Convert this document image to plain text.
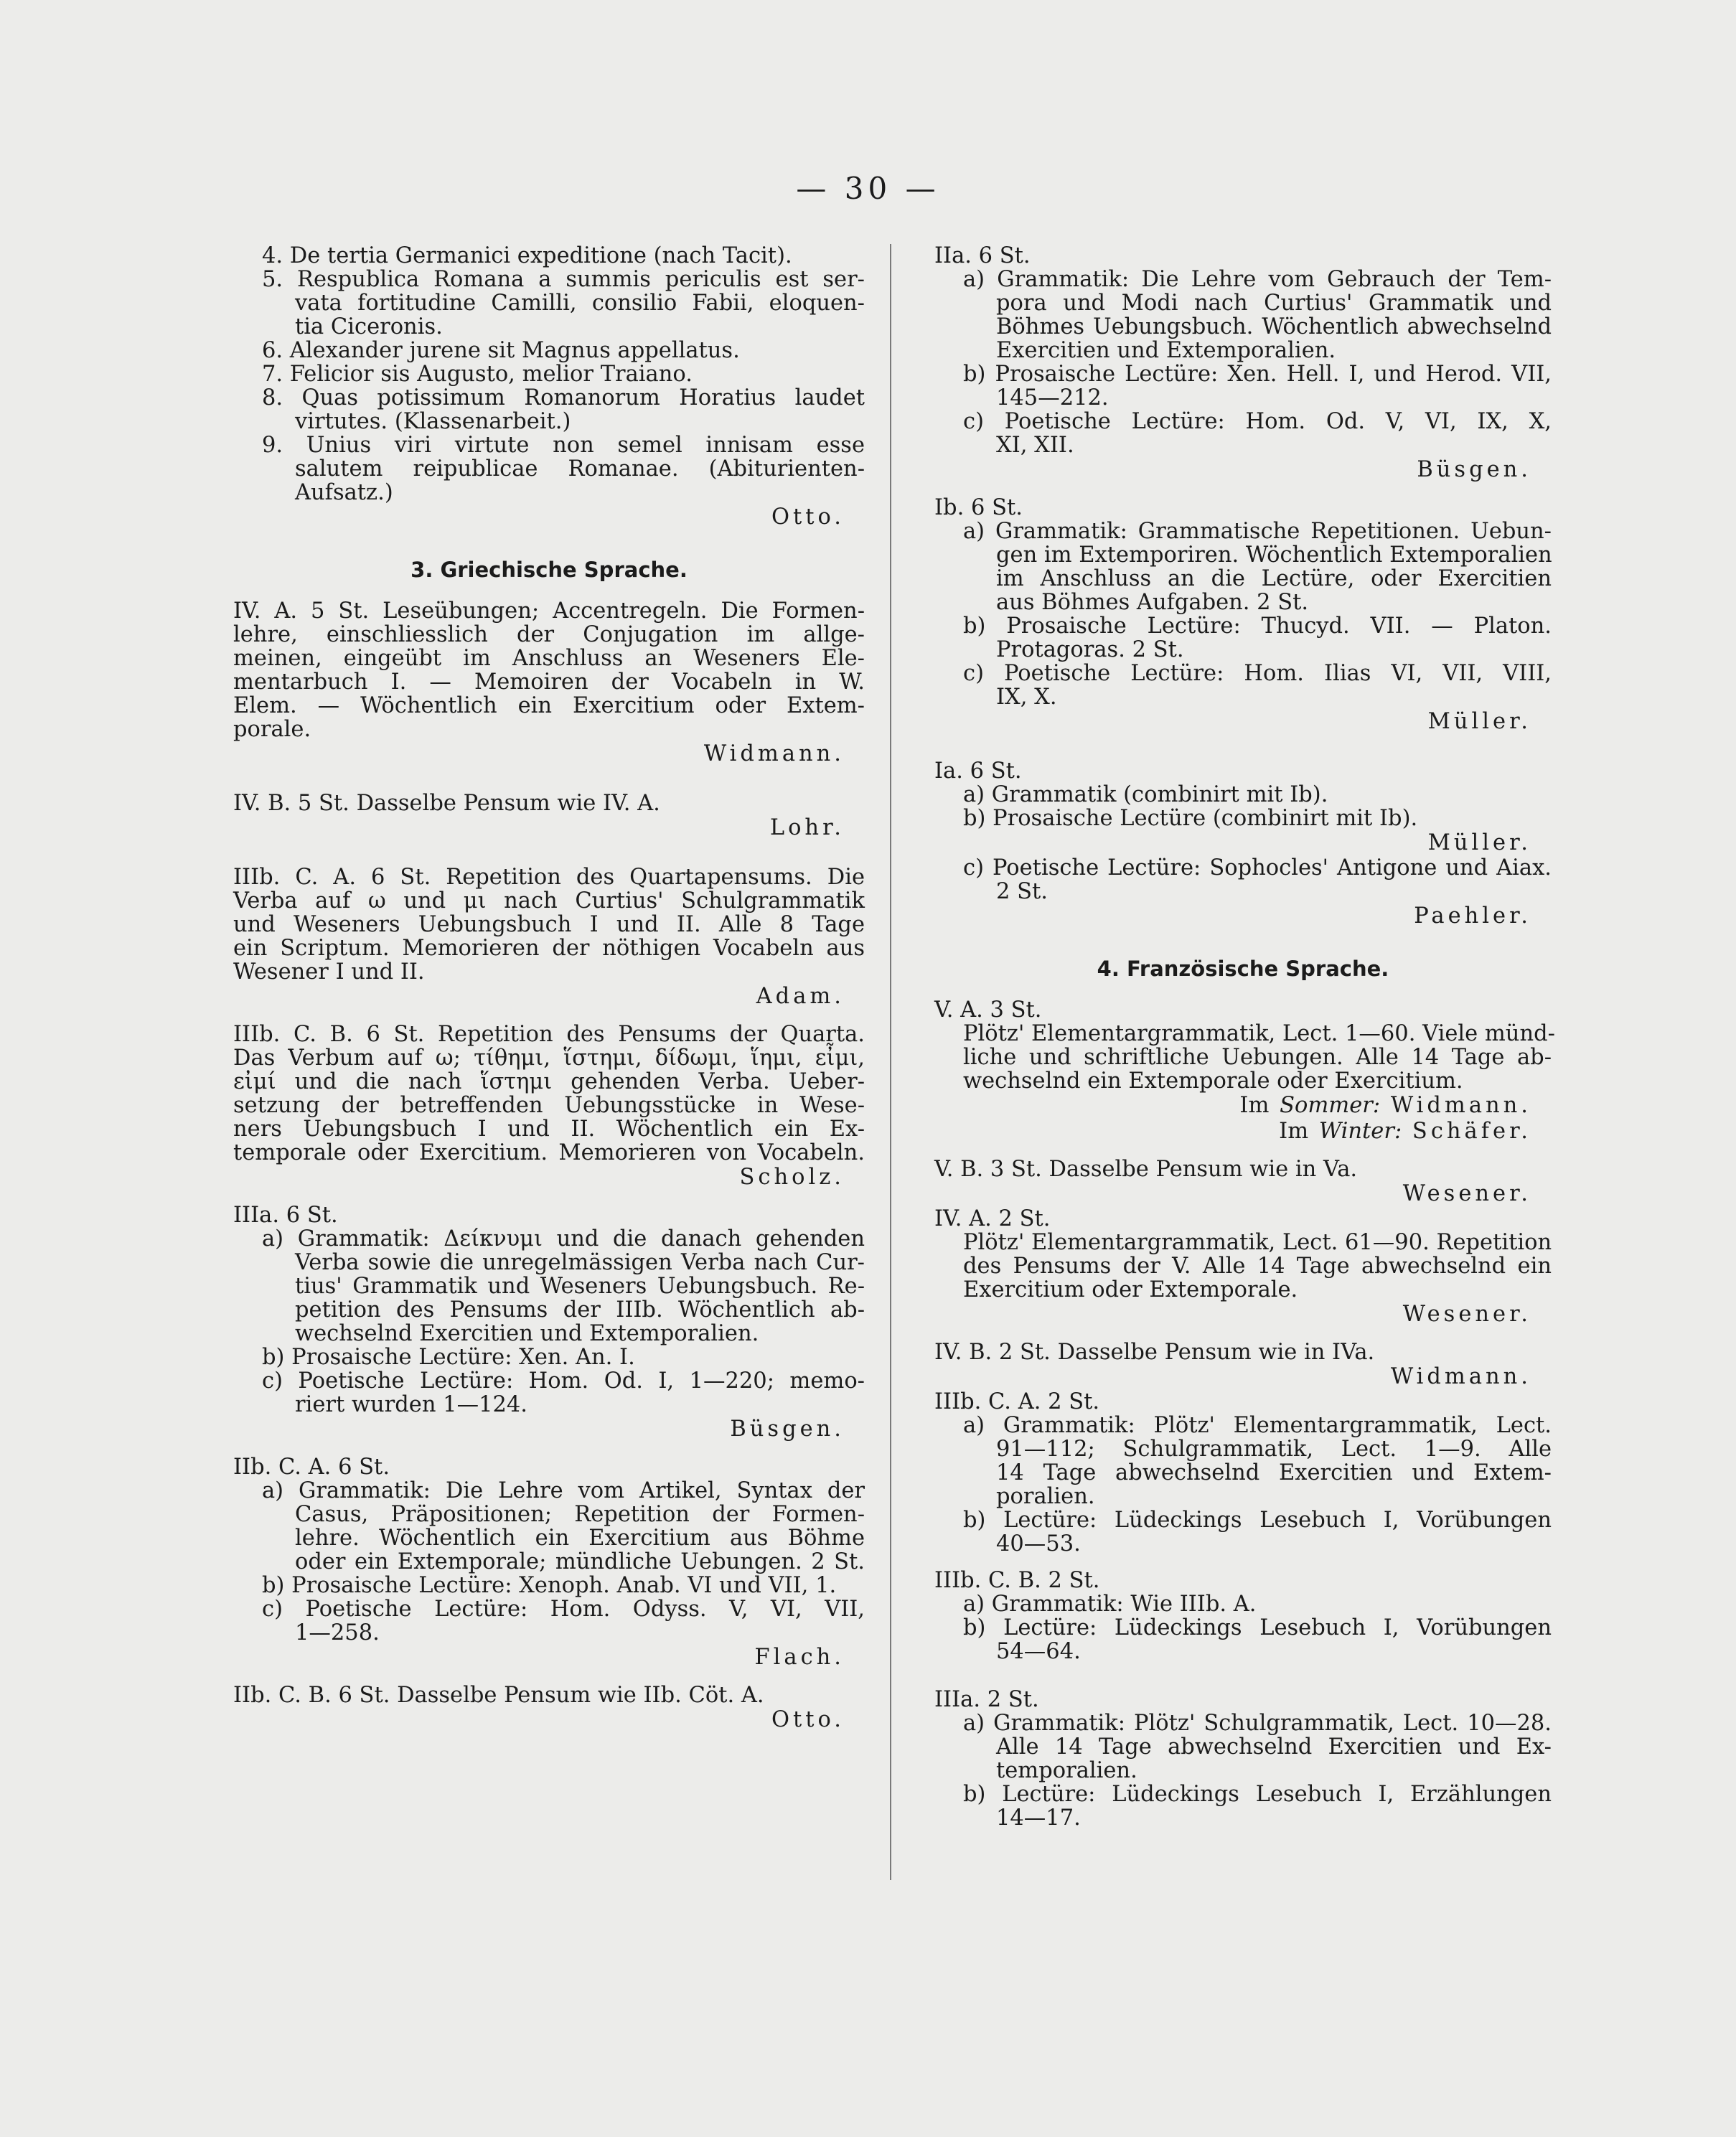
— 30 —
4. De tertia Germanici expeditione (nach Tacit).
5. Respublica Romana a summis periculis est ser-
vata fortitudine Camilli, consilio Fabii, eloquen-
tia Ciceronis.
6. Alexander jurene sit Magnus appellatus.
7. Felicior sis Augusto, melior Traiano.
8. Quas potissimum Romanorum Horatius laudet
virtutes. (Klassenarbeit.)
9. Unius viri virtute non semel innisam esse
salutem reipublicae Romanae. (Abiturienten-
Aufsatz.)
Otto.
3. Griechische Sprache.
IV. A. 5 St. Leseübungen; Accentregeln. Die Formen-
lehre, einschliesslich der Conjugation im allge-
meinen, eingeübt im Anschluss an Weseners Ele-
mentarbuch I. — Memoiren der Vocabeln in W.
Elem. — Wöchentlich ein Exercitium oder Extem-
porale.
Widmann.
IV. B. 5 St. Dasselbe Pensum wie IV. A.
Lohr.
IIIb. C. A. 6 St. Repetition des Quartapensums. Die
Verba auf ω und μι nach Curtius' Schulgrammatik
und Weseners Uebungsbuch I und II. Alle 8 Tage
ein Scriptum. Memorieren der nöthigen Vocabeln aus
Wesener I und II.
Adam.
IIIb. C. B. 6 St. Repetition des Pensums der Quarta.
Das Verbum auf ω; τίθημι, ἵστημι, δίδωμι, ἵημι, εἶμι,
εἰμί und die nach ἵστημι gehenden Verba. Ueber-
setzung der betreffenden Uebungsstücke in Wese-
ners Uebungsbuch I und II. Wöchentlich ein Ex-
temporale oder Exercitium. Memorieren von Vocabeln.
Scholz.
IIIa. 6 St.
a) Grammatik: Δείκνυμι und die danach gehenden
Verba sowie die unregelmässigen Verba nach Cur-
tius' Grammatik und Weseners Uebungsbuch. Re-
petition des Pensums der IIIb. Wöchentlich ab-
wechselnd Exercitien und Extemporalien.
b) Prosaische Lectüre: Xen. An. I.
c) Poetische Lectüre: Hom. Od. I, 1—220; memo-
riert wurden 1—124.
Büsgen.
IIb. C. A. 6 St.
a) Grammatik: Die Lehre vom Artikel, Syntax der
Casus, Präpositionen; Repetition der Formen-
lehre. Wöchentlich ein Exercitium aus Böhme
oder ein Extemporale; mündliche Uebungen. 2 St.
b) Prosaische Lectüre: Xenoph. Anab. VI und VII, 1.
c) Poetische Lectüre: Hom. Odyss. V, VI, VII,
1—258.
Flach.
IIb. C. B. 6 St. Dasselbe Pensum wie IIb. Cöt. A.
Otto.
IIa. 6 St.
a) Grammatik: Die Lehre vom Gebrauch der Tem-
pora und Modi nach Curtius' Grammatik und
Böhmes Uebungsbuch. Wöchentlich abwechselnd
Exercitien und Extemporalien.
b) Prosaische Lectüre: Xen. Hell. I, und Herod. VII,
145—212.
c) Poetische Lectüre: Hom. Od. V, VI, IX, X,
XI, XII.
Büsgen.
Ib. 6 St.
a) Grammatik: Grammatische Repetitionen. Uebun-
gen im Extemporiren. Wöchentlich Extemporalien
im Anschluss an die Lectüre, oder Exercitien
aus Böhmes Aufgaben. 2 St.
b) Prosaische Lectüre: Thucyd. VII. — Platon.
Protagoras. 2 St.
c) Poetische Lectüre: Hom. Ilias VI, VII, VIII,
IX, X.
Müller.
Ia. 6 St.
a) Grammatik (combinirt mit Ib).
b) Prosaische Lectüre (combinirt mit Ib).
Müller.
c) Poetische Lectüre: Sophocles' Antigone und Aiax.
2 St.
Paehler.
4. Französische Sprache.
V. A. 3 St.
Plötz' Elementargrammatik, Lect. 1—60. Viele münd-
liche und schriftliche Uebungen. Alle 14 Tage ab-
wechselnd ein Extemporale oder Exercitium.
Im Sommer: Widmann.
Im Winter: Schäfer.
V. B. 3 St. Dasselbe Pensum wie in Va.
Wesener.
IV. A. 2 St.
Plötz' Elementargrammatik, Lect. 61—90. Repetition
des Pensums der V. Alle 14 Tage abwechselnd ein
Exercitium oder Extemporale.
Wesener.
IV. B. 2 St. Dasselbe Pensum wie in IVa.
Widmann.
IIIb. C. A. 2 St.
a) Grammatik: Plötz' Elementargrammatik, Lect.
91—112; Schulgrammatik, Lect. 1—9. Alle
14 Tage abwechselnd Exercitien und Extem-
poralien.
b) Lectüre: Lüdeckings Lesebuch I, Vorübungen
40—53.
IIIb. C. B. 2 St.
a) Grammatik: Wie IIIb. A.
b) Lectüre: Lüdeckings Lesebuch I, Vorübungen
54—64.
IIIa. 2 St.
a) Grammatik: Plötz' Schulgrammatik, Lect. 10—28.
Alle 14 Tage abwechselnd Exercitien und Ex-
temporalien.
b) Lectüre: Lüdeckings Lesebuch I, Erzählungen
14—17.
